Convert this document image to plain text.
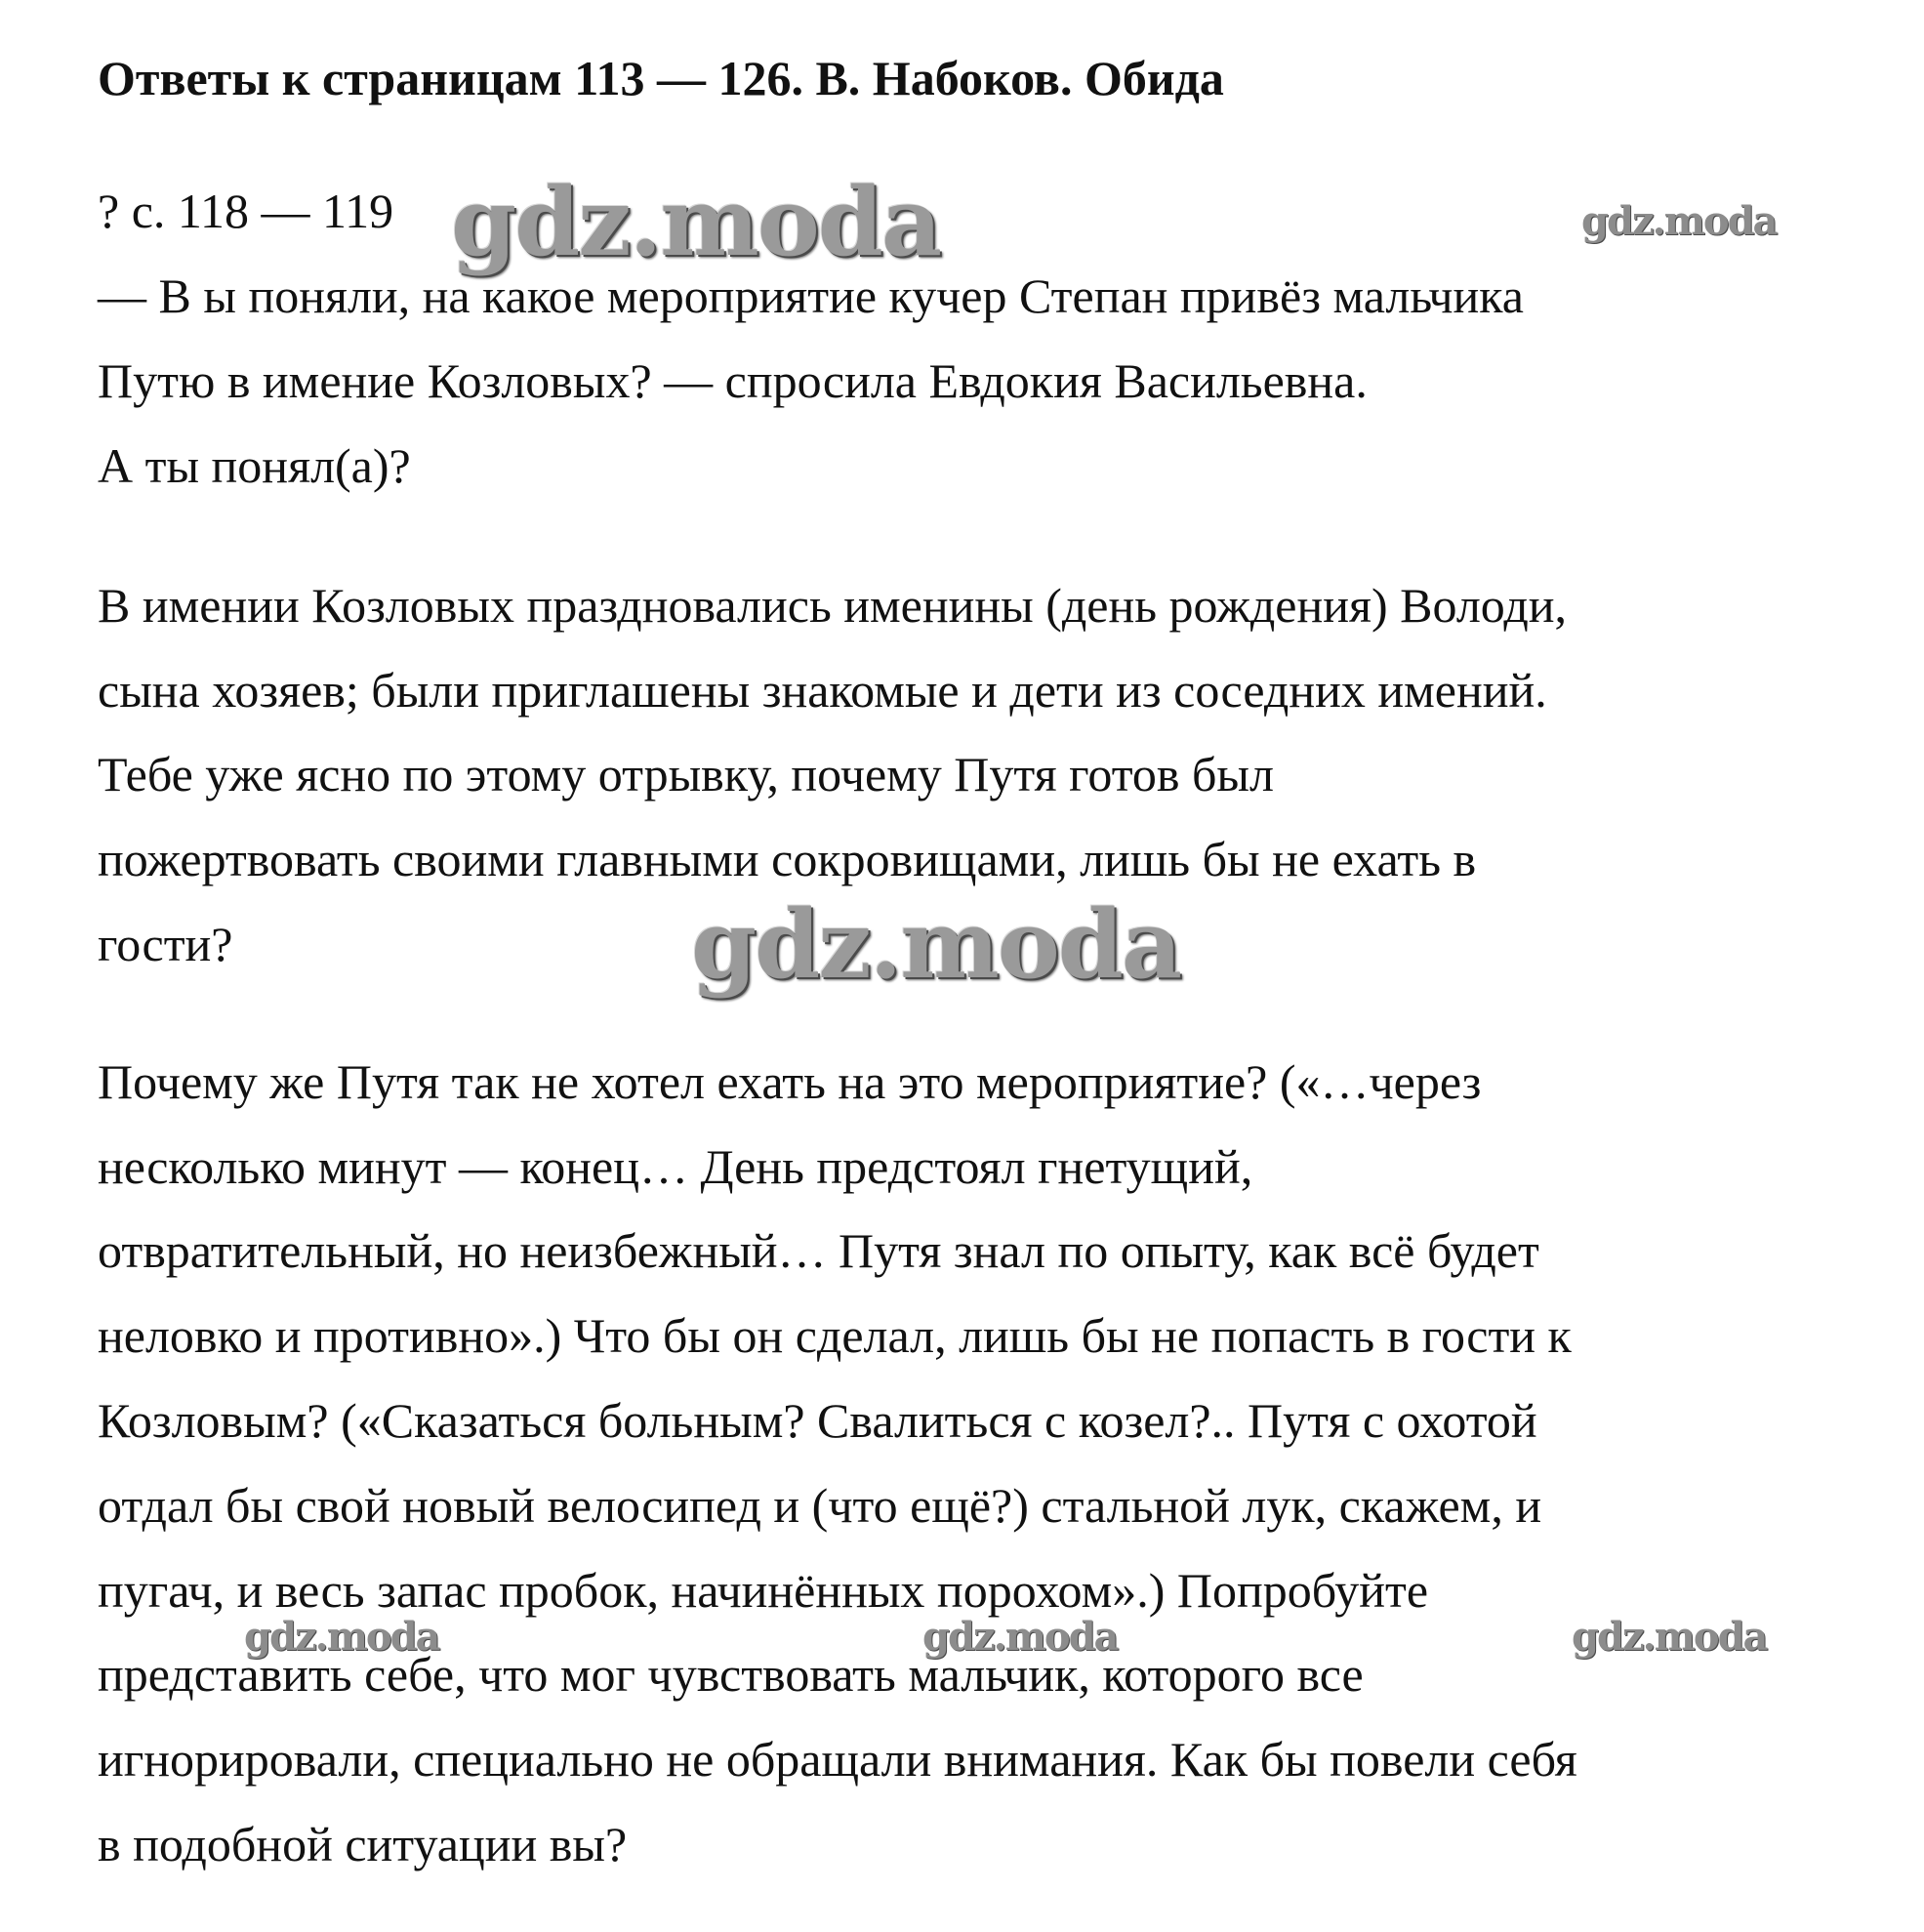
Ответы к страницам 113 — 126. В. Набоков. Обида
? с. 118 — 119
— В ы поняли, на какое мероприятие кучер Степан привёз мальчика
Путю в имение Козловых? — спросила Евдокия Васильевна.
А ты понял(а)?
В имении Козловых праздновались именины (день рождения) Володи,
сына хозяев; были приглашены знакомые и дети из соседних имений.
Тебе уже ясно по этому отрывку, почему Путя готов был
пожертвовать своими главными сокровищами, лишь бы не ехать в
гости?
Почему же Путя так не хотел ехать на это мероприятие? («…через
несколько минут — конец… День предстоял гнетущий,
отвратительный, но неизбежный… Путя знал по опыту, как всё будет
неловко и противно».) Что бы он сделал, лишь бы не попасть в гости к
Козловым? («Сказаться больным? Свалиться с козел?.. Путя с охотой
отдал бы свой новый велосипед и (что ещё?) стальной лук, скажем, и
пугач, и весь запас пробок, начинённых порохом».) Попробуйте
представить себе, что мог чувствовать мальчик, которого все
игнорировали, специально не обращали внимания. Как бы повели себя
в подобной ситуации вы?
gdz.moda	gdz.moda
gdz.moda
gdz.moda	gdz.moda	gdz.moda
